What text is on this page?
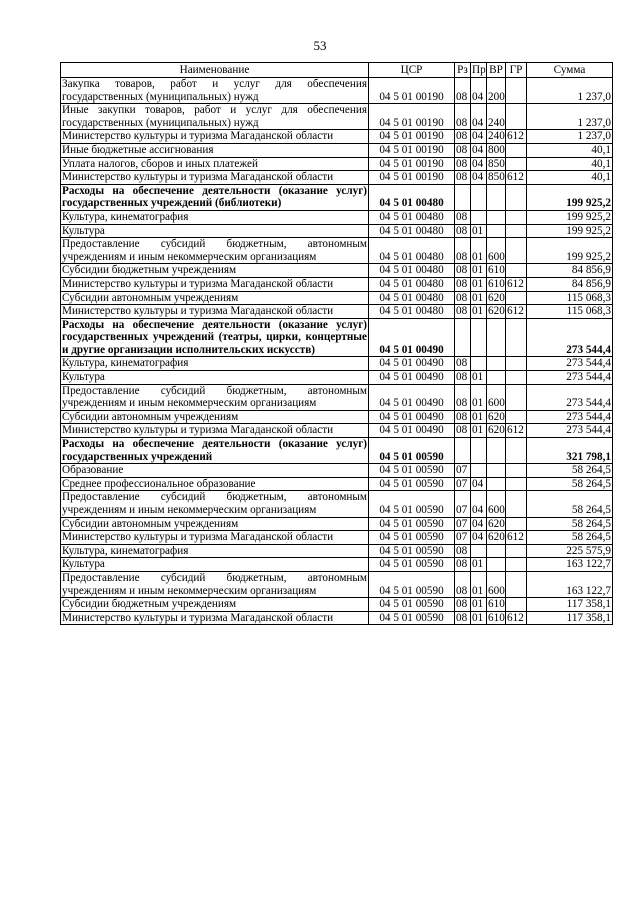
53
Наименование	ЦСР	Рз	Пр	ВР	ГР	Сумма
Закупка товаров, работ и услуг для обеспечения государственных (муниципальных) нужд	04 5 01 00190	08	04	200		1 237,0
Иные закупки товаров, работ и услуг для обеспечения государственных (муниципальных) нужд	04 5 01 00190	08	04	240		1 237,0
Министерство культуры и туризма Магаданской области	04 5 01 00190	08	04	240	612	1 237,0
Иные бюджетные ассигнования	04 5 01 00190	08	04	800		40,1
Уплата налогов, сборов и иных платежей	04 5 01 00190	08	04	850		40,1
Министерство культуры и туризма Магаданской области	04 5 01 00190	08	04	850	612	40,1
Расходы на обеспечение деятельности (оказание услуг) государственных учреждений (библиотеки)	04 5 01 00480					199 925,2
Культура, кинематография	04 5 01 00480	08				199 925,2
Культура	04 5 01 00480	08	01			199 925,2
Предоставление субсидий бюджетным, автономным учреждениям и иным некоммерческим организациям	04 5 01 00480	08	01	600		199 925,2
Субсидии бюджетным учреждениям	04 5 01 00480	08	01	610		84 856,9
Министерство культуры и туризма Магаданской области	04 5 01 00480	08	01	610	612	84 856,9
Субсидии автономным учреждениям	04 5 01 00480	08	01	620		115 068,3
Министерство культуры и туризма Магаданской области	04 5 01 00480	08	01	620	612	115 068,3
Расходы на обеспечение деятельности (оказание услуг) государственных учреждений (театры, цирки, концертные и другие организации исполнительских искусств)	04 5 01 00490					273 544,4
Культура, кинематография	04 5 01 00490	08				273 544,4
Культура	04 5 01 00490	08	01			273 544,4
Предоставление субсидий бюджетным, автономным учреждениям и иным некоммерческим организациям	04 5 01 00490	08	01	600		273 544,4
Субсидии автономным учреждениям	04 5 01 00490	08	01	620		273 544,4
Министерство культуры и туризма Магаданской области	04 5 01 00490	08	01	620	612	273 544,4
Расходы на обеспечение деятельности (оказание услуг) государственных учреждений	04 5 01 00590					321 798,1
Образование	04 5 01 00590	07				58 264,5
Среднее профессиональное образование	04 5 01 00590	07	04			58 264,5
Предоставление субсидий бюджетным, автономным учреждениям и иным некоммерческим организациям	04 5 01 00590	07	04	600		58 264,5
Субсидии автономным учреждениям	04 5 01 00590	07	04	620		58 264,5
Министерство культуры и туризма Магаданской области	04 5 01 00590	07	04	620	612	58 264,5
Культура, кинематография	04 5 01 00590	08				225 575,9
Культура	04 5 01 00590	08	01			163 122,7
Предоставление субсидий бюджетным, автономным учреждениям и иным некоммерческим организациям	04 5 01 00590	08	01	600		163 122,7
Субсидии бюджетным учреждениям	04 5 01 00590	08	01	610		117 358,1
Министерство культуры и туризма Магаданской области	04 5 01 00590	08	01	610	612	117 358,1
